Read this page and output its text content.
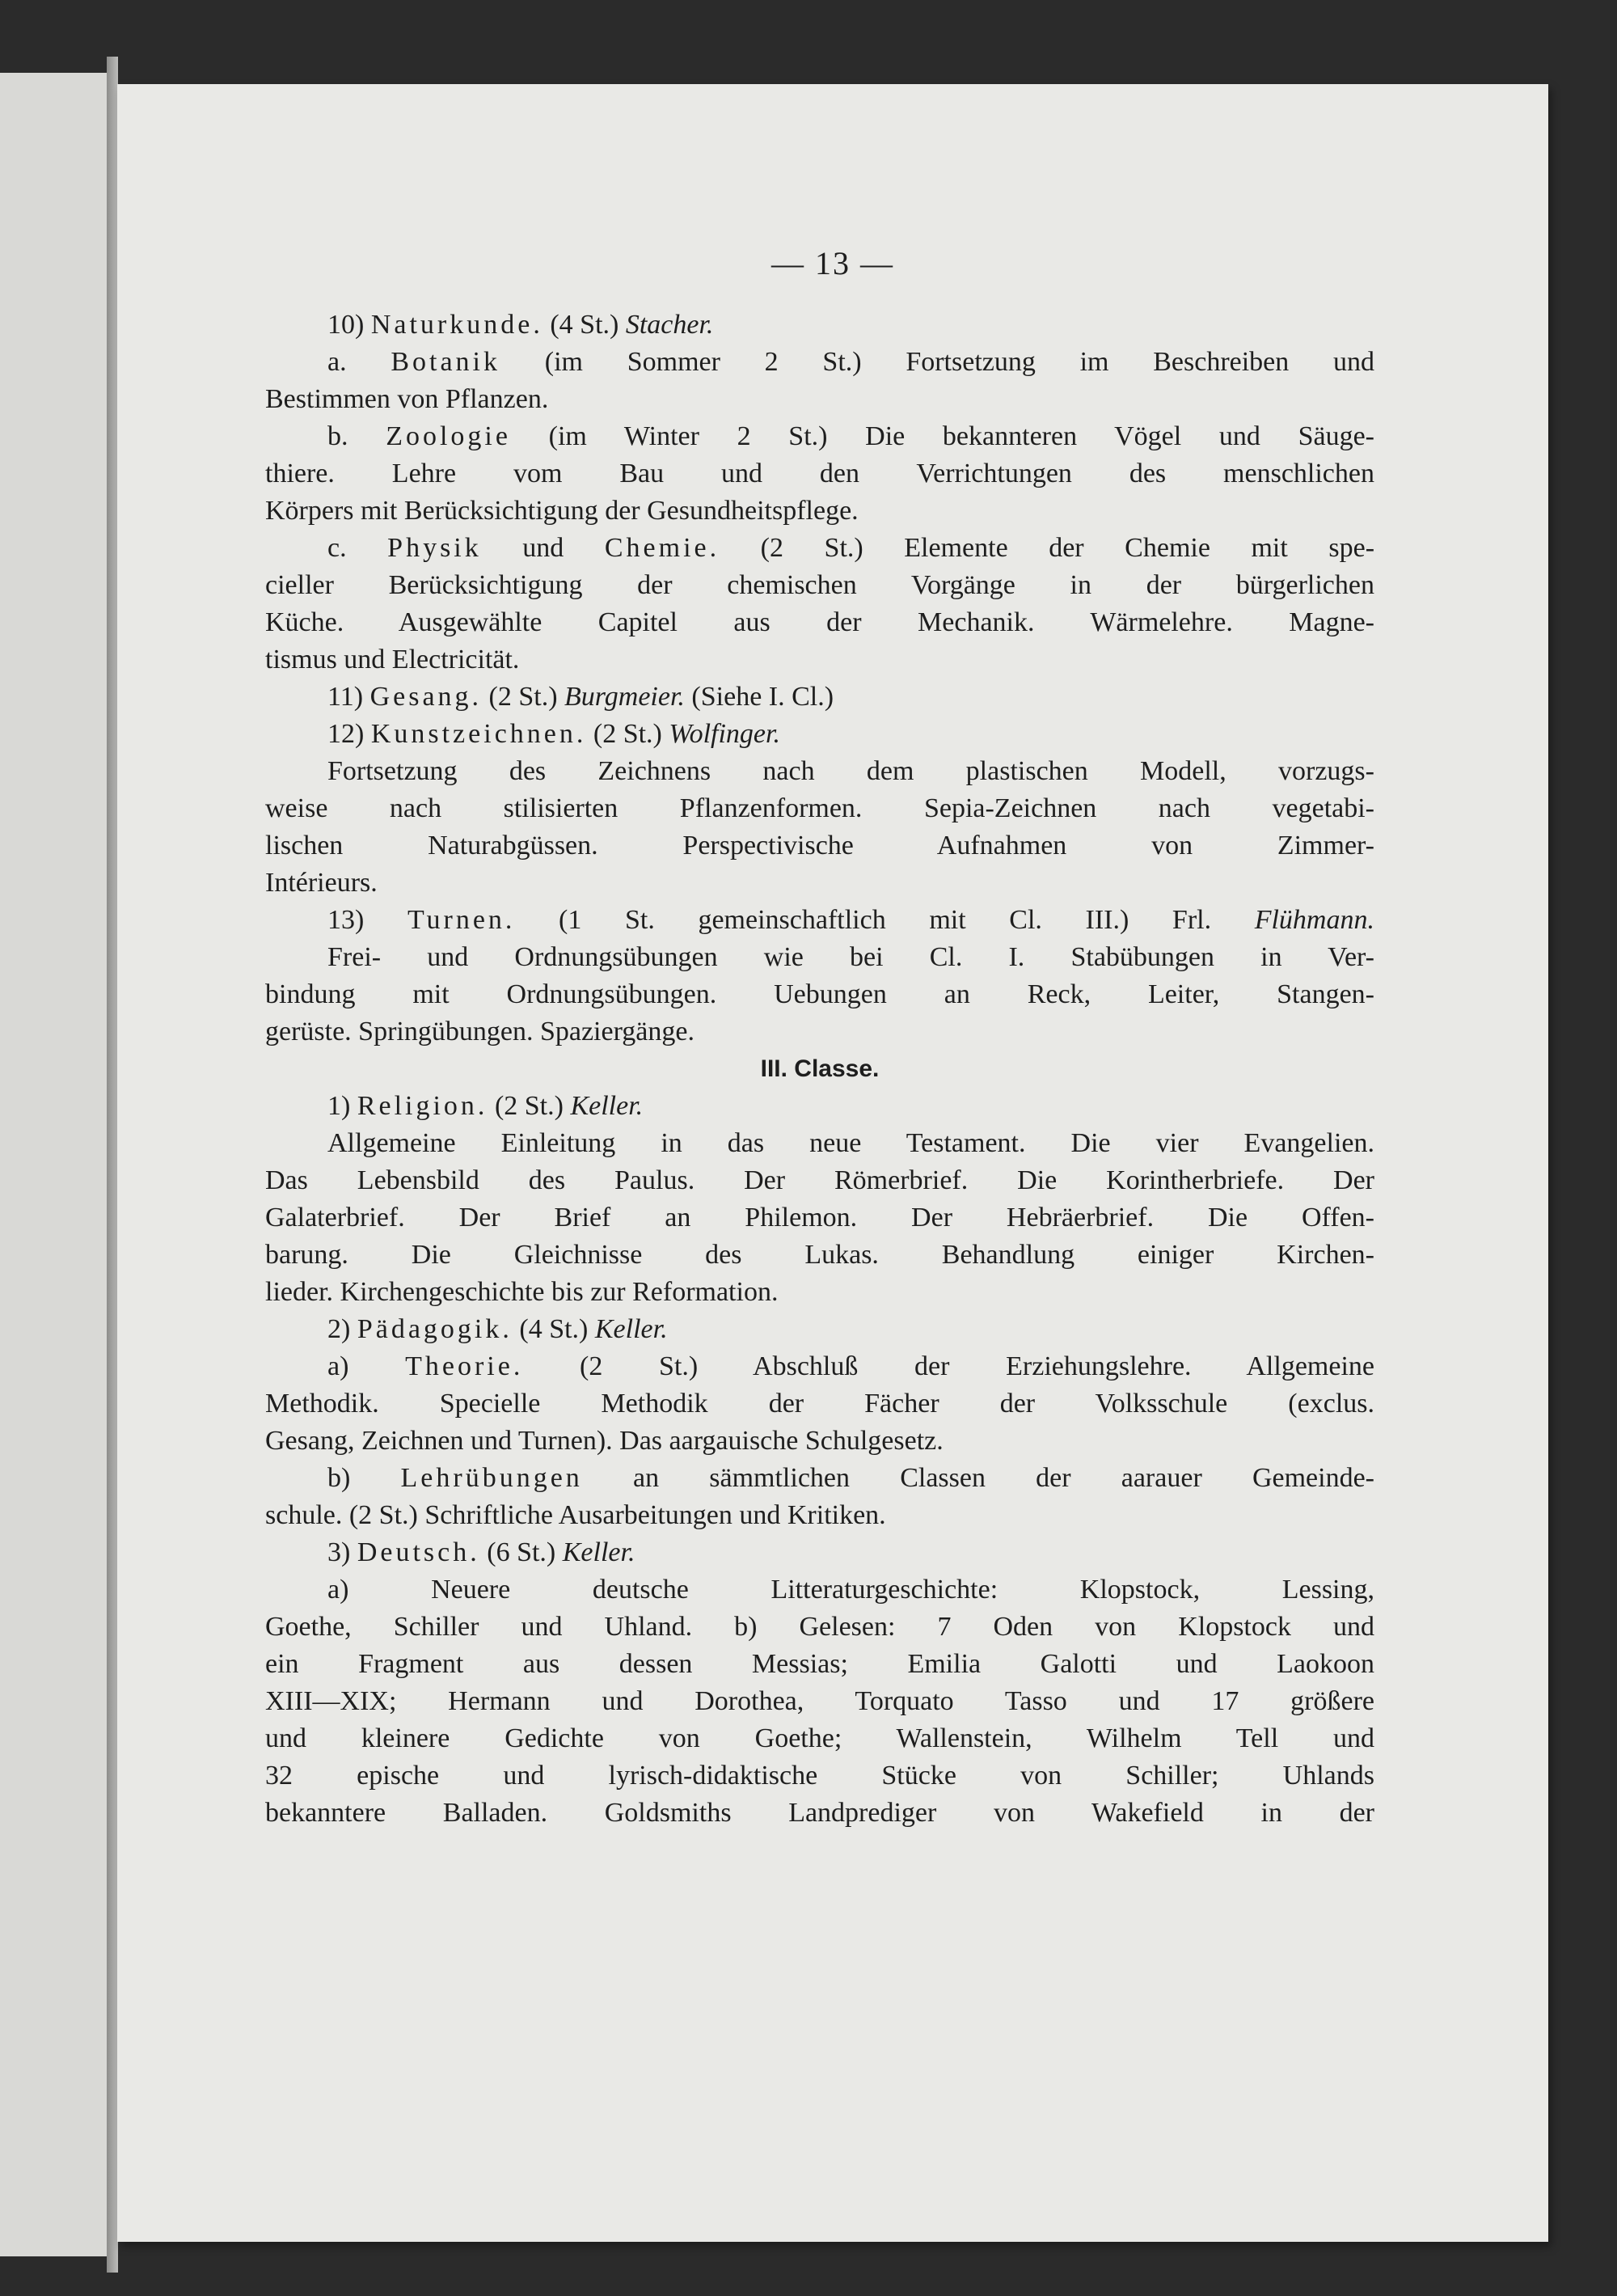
— 13 —

10) Naturkunde. (4 St.) Stacher.

a. Botanik (im Sommer 2 St.) Fortsetzung im Beschreiben und

Bestimmen von Pflanzen.

b. Zoologie (im Winter 2 St.) Die bekannteren Vögel und Säuge-

thiere. Lehre vom Bau und den Verrichtungen des menschlichen

Körpers mit Berücksichtigung der Gesundheitspflege.

c. Physik und Chemie. (2 St.) Elemente der Chemie mit spe-

cieller Berücksichtigung der chemischen Vorgänge in der bürgerlichen

Küche. Ausgewählte Capitel aus der Mechanik. Wärmelehre. Magne-

tismus und Electricität.

11) Gesang. (2 St.) Burgmeier. (Siehe I. Cl.)

12) Kunstzeichnen. (2 St.) Wolfinger.

Fortsetzung des Zeichnens nach dem plastischen Modell, vorzugs-

weise nach stilisierten Pflanzenformen. Sepia-Zeichnen nach vegetabi-

lischen Naturabgüssen. Perspectivische Aufnahmen von Zimmer-

Intérieurs.

13) Turnen. (1 St. gemeinschaftlich mit Cl. III.) Frl. Flühmann.

Frei- und Ordnungsübungen wie bei Cl. I. Stabübungen in Ver-

bindung mit Ordnungsübungen. Uebungen an Reck, Leiter, Stangen-

gerüste. Springübungen. Spaziergänge.

III. Classe.

1) Religion. (2 St.) Keller.

Allgemeine Einleitung in das neue Testament. Die vier Evangelien.

Das Lebensbild des Paulus. Der Römerbrief. Die Korintherbriefe. Der

Galaterbrief. Der Brief an Philemon. Der Hebräerbrief. Die Offen-

barung. Die Gleichnisse des Lukas. Behandlung einiger Kirchen-

lieder. Kirchengeschichte bis zur Reformation.

2) Pädagogik. (4 St.) Keller.

a) Theorie. (2 St.) Abschluß der Erziehungslehre. Allgemeine

Methodik. Specielle Methodik der Fächer der Volksschule (exclus.

Gesang, Zeichnen und Turnen). Das aargauische Schulgesetz.

b) Lehrübungen an sämmtlichen Classen der aarauer Gemeinde-

schule. (2 St.) Schriftliche Ausarbeitungen und Kritiken.

3) Deutsch. (6 St.) Keller.

a) Neuere deutsche Litteraturgeschichte: Klopstock, Lessing,

Goethe, Schiller und Uhland. b) Gelesen: 7 Oden von Klopstock und

ein Fragment aus dessen Messias; Emilia Galotti und Laokoon

XIII—XIX; Hermann und Dorothea, Torquato Tasso und 17 größere

und kleinere Gedichte von Goethe; Wallenstein, Wilhelm Tell und

32 epische und lyrisch-didaktische Stücke von Schiller; Uhlands

bekanntere Balladen. Goldsmiths Landprediger von Wakefield in der
